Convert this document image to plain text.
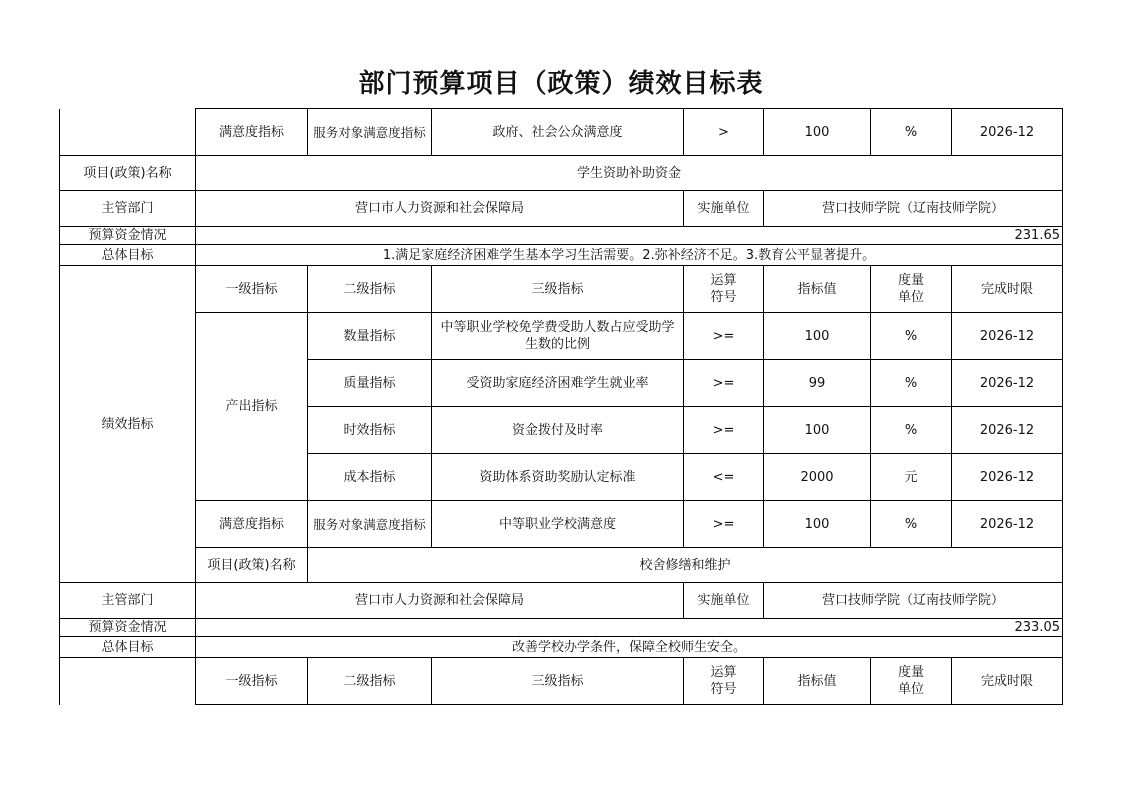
部门预算项目（政策）绩效目标表
	满意度指标	服务对象满意度指标	政府、社会公众满意度	>	100	%	2026-12
项目(政策)名称	学生资助补助资金						
主管部门	营口市人力资源和社会保障局			实施单位	营口技师学院（辽南技师学院）		
预算资金情况	231.65						
总体目标	1.满足家庭经济困难学生基本学习生活需要。2.弥补经济不足。3.教育公平显著提升。						
绩效指标	一级指标	二级指标	三级指标	运算符号	指标值	度量单位	完成时限
	产出指标	数量指标	中等职业学校免学费受助人数占应受助学生数的比例	>=	100	%	2026-12
		质量指标	受资助家庭经济困难学生就业率	>=	99	%	2026-12
		时效指标	资金拨付及时率	>=	100	%	2026-12
		成本指标	资助体系资助奖励认定标准	<=	2000	元	2026-12
	满意度指标	服务对象满意度指标	中等职业学校满意度	>=	100	%	2026-12
	项目(政策)名称	校舍修缮和维护					
主管部门	营口市人力资源和社会保障局			实施单位	营口技师学院（辽南技师学院）		
预算资金情况	233.05						
总体目标	改善学校办学条件，保障全校师生安全。						
	一级指标	二级指标	三级指标	运算符号	指标值	度量单位	完成时限
